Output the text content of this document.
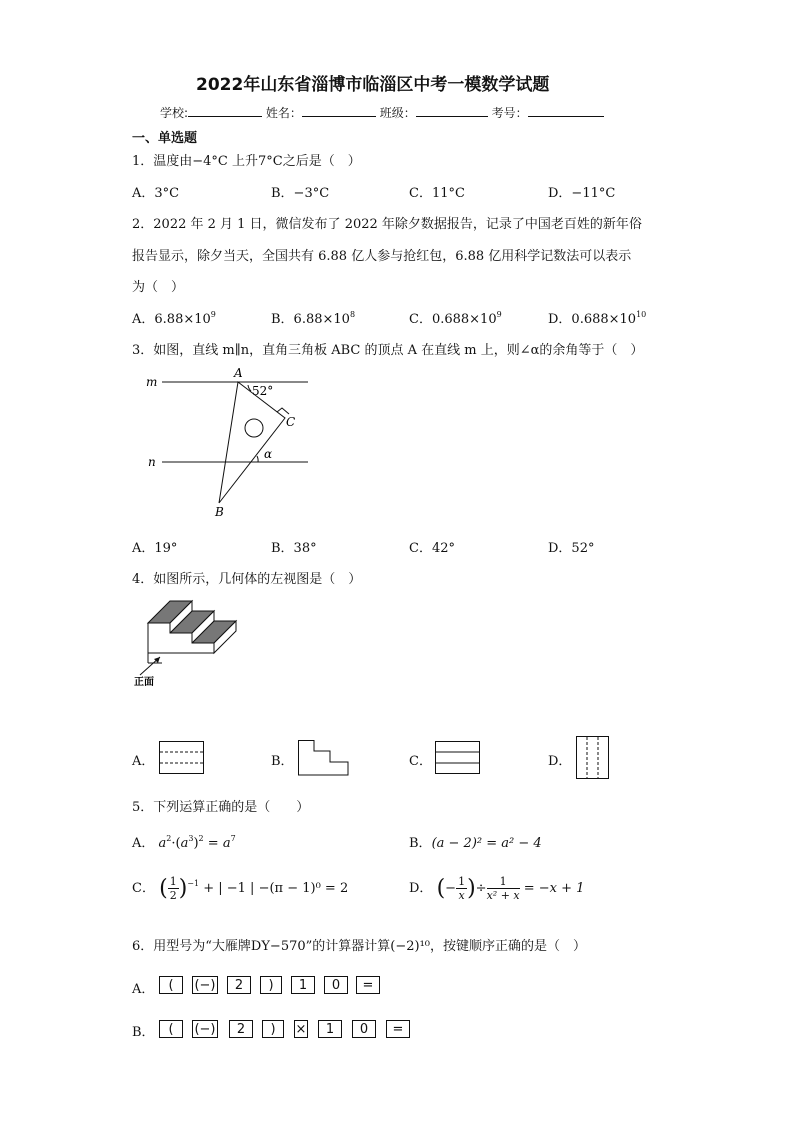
2022年山东省淄博市临淄区中考一模数学试题
学校:	姓名：	班级：	考号：
一、单选题
1．温度由−4°C 上升7°C之后是（　）
A．3°C	B．−3°C	C．11°C	D．−11°C
2．2022 年 2 月 1 日，微信发布了 2022 年除夕数据报告，记录了中国老百姓的新年俗
报告显示，除夕当天，全国共有 6.88 亿人参与抢红包，6.88 亿用科学记数法可以表示
为（　）
A．$6.88\times 10^9$	B．$6.88\times 10^8$	C．$0.688\times 10^9$	D．$0.688\times 10^{10}$
3．如图，直线 m∥n，直角三角板 ABC 的顶点 A 在直线 m 上，则∠α的余角等于（　）
m
n
A
B
C
α
52°
A．19°	B．38°	C．42°	D．52°
4．如图所示，几何体的左视图是（　）
正面
A．	B．	C．	D．
5．下列运算正确的是（　　）
A． $a^2\cdot(a^3)^2 = a^7$	B．(a − 2)² = a² − 4
C． ( $\frac{1}{2} )^{-1}$ + | −1 | −(π − 1)⁰ = 2	D． (− $\frac{1}{x}$ )÷ $\frac{1}{\text{x² + x}} = -x + 1$
6．用型号为“大雁牌DY−570”的计算器计算(−2)¹⁰，按键顺序正确的是（　）
A．	(	(−)	2	)	1	0	=
B．	(	(−)	2	)	×	1	0	=
